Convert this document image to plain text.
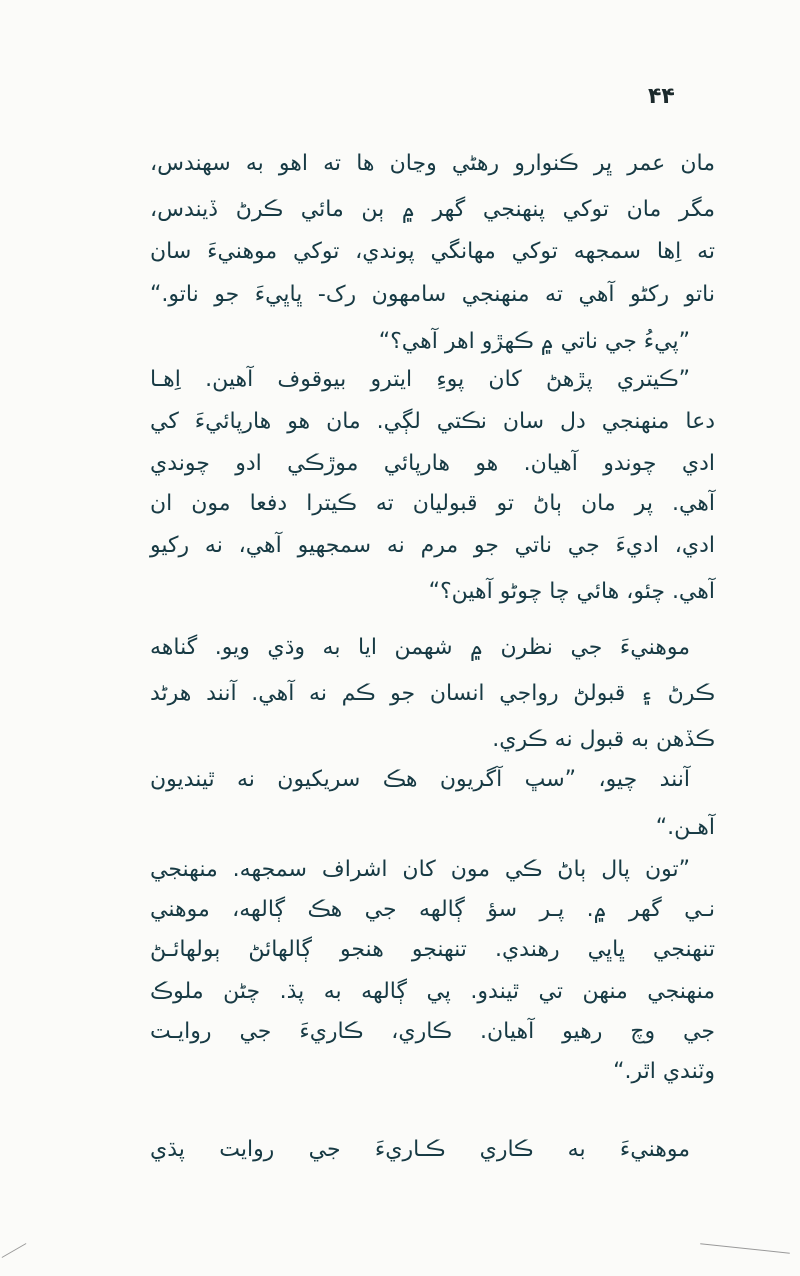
۴۴
مان عمر ڀر ڪنوارو رهڻي وڃان ها ته اهو به سهندس،
مگر مان توکي پنهنجي گهر ۾ ٻن مائي ڪرڻ ڏيندس،
ته اِها سمجهه توکي مهانگي پوندي، توکي موهنيءَ سان
ناتو رکڻو آهي ته منهنجي سامهون رک- ڀاڀيءَ جو ناتو.“
”پيءُ جي ناتي ۾ ڪهڙو اهر آهي؟“
”ڪيتري پڙهڻ کان پوءِ ايترو بيوقوف آهين. اِهـا
دعا منهنجي دل سان نڪتي لڳي. مان هو هارپائيءَ کي
ادي چوندو آهيان. هو هارپائي موڙڪي ادو چوندي
آهي. پر مان ٻاڻ تو قبوليان ته ڪيترا دفعا مون ان
ادي، اديءَ جي ناتي جو مرم نه سمجهيو آهي، نه رکيو
آهي. چئو، هائي چا چوڻو آهين؟“
موهنيءَ جي نظرن ۾ شهمن ايا به وڌي ويو. گناهه
ڪرڻ ۽ قبولڻ رواجي انسان جو ڪم نه آهي. آنند هرڻد
ڪڏهن به قبول نه ڪري.
آنند چيو، ”سڀ آگريون هڪ سريکيون نه ٿينديون
آهـن.“
”تون پال ٻاڻ ڪي مون کان اشراف سمجهه. منهنجي
نـي گهر ۾. پـر سؤ ڳالهه جي هڪ ڳالهه، موهني
تنهنجي ڀاڀي رهندي. تنهنجو هنجو ڳالهائڻ ٻولهائـڻ
منهنجي منهن تي ٿيندو. پي ڳالهه به پڌ. چڻن ملوڪ
جي وچ رهيو آهيان. ڪاري، ڪاريءَ جي روايـت
وٽندي اٿر.“
موهنيءَ به ڪاري ڪـاريءَ جي روايت پڌي
